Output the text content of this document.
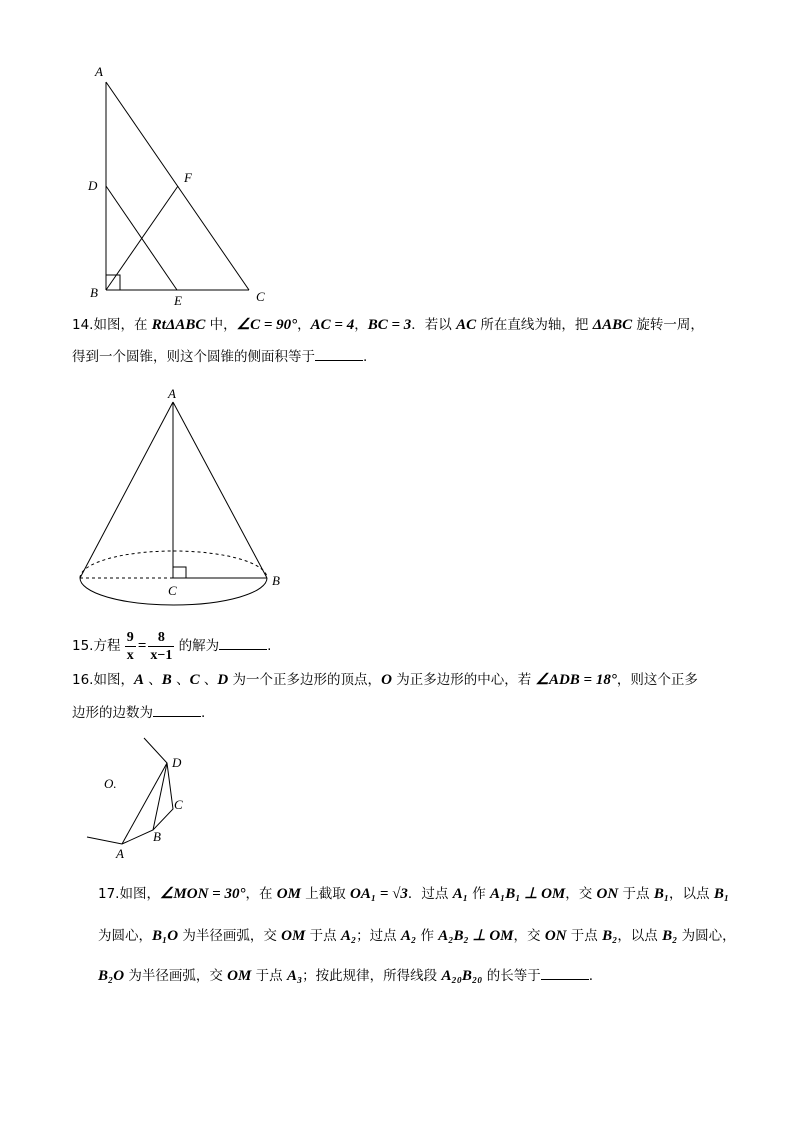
A
D
F
B
E	C
14.如图，在 RtΔABC 中，∠C = 90°，AC = 4，BC = 3．若以 AC 所在直线为轴，把 ΔABC 旋转一周，
得到一个圆锥，则这个圆锥的侧面积等于	.
A
B
C
15.方程 $\frac{9}{x} = \frac{8}{x-1}$ 的解为	.
16.如图，A 、B 、C 、D 为一个正多边形的顶点，O 为正多边形的中心，若 ∠ADB = 18°，则这个正多
边形的边数为	.
O.
D
C
B
A
17.如图，∠MON = 30°，在 OM 上截取 OA₁ = √3．过点 A₁ 作 A₁B₁ ⊥ OM，交 ON 于点 B₁，以点 B₁
为圆心，B₁O 为半径画弧，交 OM 于点 A₂；过点 A₂ 作 A₂B₂ ⊥ OM，交 ON 于点 B₂，以点 B₂ 为圆心，
B₂O 为半径画弧，交 OM 于点 A₃；按此规律，所得线段 A₂₀B₂₀ 的长等于	.
